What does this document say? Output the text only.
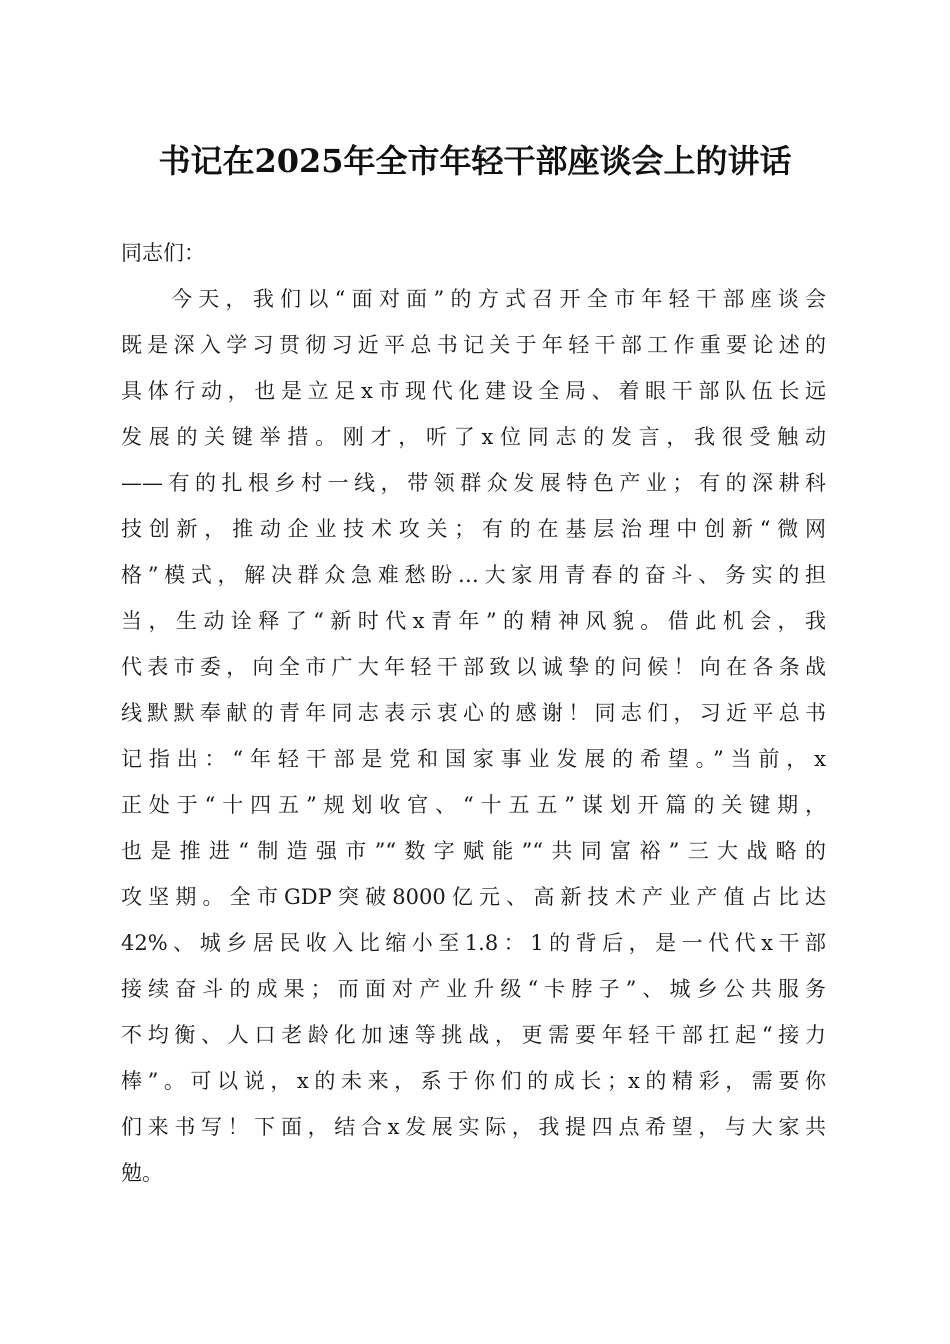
书记在2025年全市年轻干部座谈会上的讲话
同志们：
今天，我们以“面对面”的方式召开全市年轻干部座谈会
既是深入学习贯彻习近平总书记关于年轻干部工作重要论述的
具体行动，也是立足x市现代化建设全局、着眼干部队伍长远
发展的关键举措。刚才，听了x位同志的发言，我很受触动
——有的扎根乡村一线，带领群众发展特色产业；有的深耕科
技创新，推动企业技术攻关；有的在基层治理中创新“微网
格”模式，解决群众急难愁盼…大家用青春的奋斗、务实的担
当，生动诠释了“新时代x青年”的精神风貌。借此机会，我
代表市委，向全市广大年轻干部致以诚挚的问候！向在各条战
线默默奉献的青年同志表示衷心的感谢！同志们，习近平总书
记指出：“年轻干部是党和国家事业发展的希望。”当前，x
正处于“十四五”规划收官、“十五五”谋划开篇的关键期，
也是推进“制造强市”“数字赋能”“共同富裕”三大战略的
攻坚期。全市GDP突破8000亿元、高新技术产业产值占比达
42%、城乡居民收入比缩小至1.8：1的背后，是一代代x干部
接续奋斗的成果；而面对产业升级“卡脖子”、城乡公共服务
不均衡、人口老龄化加速等挑战，更需要年轻干部扛起“接力
棒”。可以说，x的未来，系于你们的成长；x的精彩，需要你
们来书写！下面，结合x发展实际，我提四点希望，与大家共
勉。
